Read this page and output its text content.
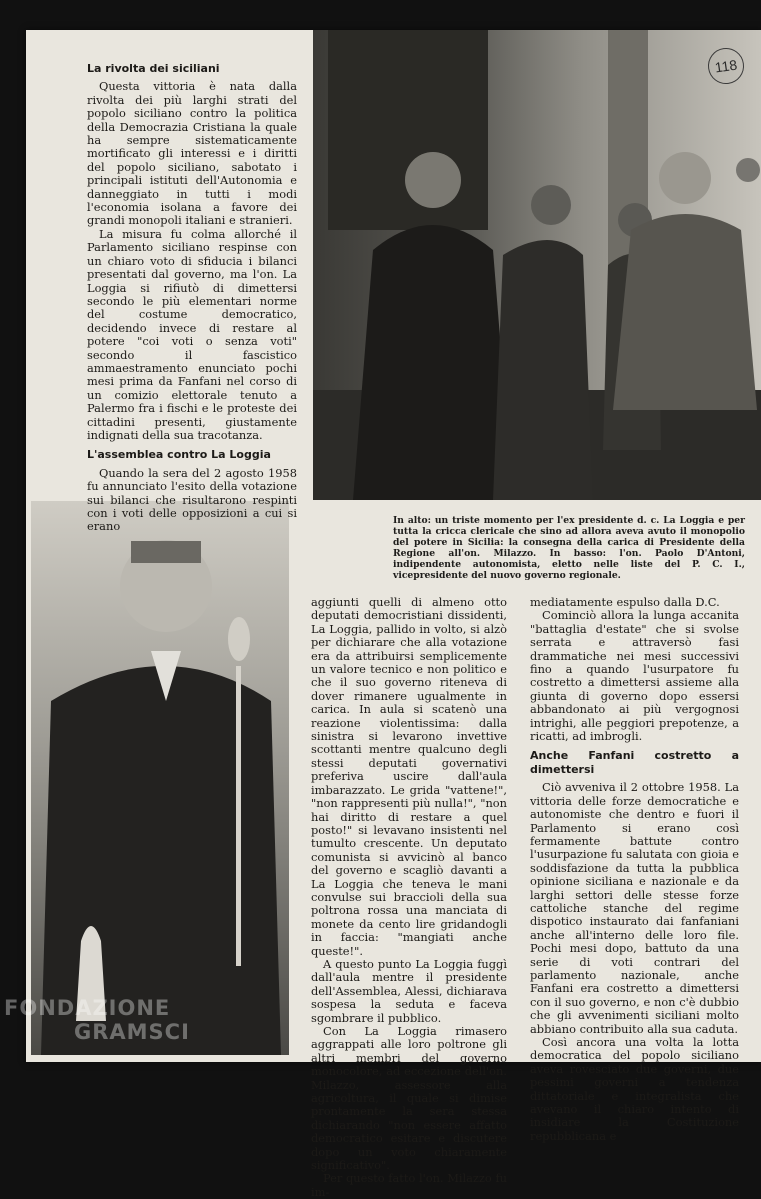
118
La rivolta dei siciliani

Questa vittoria è nata dalla rivolta dei più larghi strati del popolo siciliano contro la politica della Democrazia Cristiana la quale ha sempre sistematicamente mortificato gli interessi e i diritti del popolo siciliano, sabotato i principali istituti dell'Autonomia e danneggiato in tutti i modi l'economia isolana a favore dei grandi monopoli italiani e stranieri.

La misura fu colma allorché il Parlamento siciliano respinse con un chiaro voto di sfiducia i bilanci presentati dal governo, ma l'on. La Loggia si rifiutò di dimettersi secondo le più elementari norme del costume democratico, decidendo invece di restare al potere "coi voti o senza voti" secondo il fascistico ammaestramento enunciato pochi mesi prima da Fanfani nel corso di un comizio elettorale tenuto a Palermo fra i fischi e le proteste dei cittadini presenti, giustamente indignati della sua tracotanza.

L'assemblea contro La Loggia

Quando la sera del 2 agosto 1958 fu annunciato l'esito della votazione sui bilanci che risultarono respinti con i voti delle opposizioni a cui si erano	In alto: un triste momento per l'ex presidente d. c. La Loggia e per tutta la cricca clericale che sino ad allora aveva avuto il monopolio del potere in Sicilia: la consegna della carica di Presidente della Regione all'on. Milazzo. In basso: l'on. Paolo D'Antoni, indipendente autonomista, eletto nelle liste del P. C. I., vicepresidente del nuovo governo regionale.

aggiunti quelli di almeno otto deputati democristiani dissidenti, La Loggia, pallido in volto, si alzò per dichiarare che alla votazione era da attribuirsi semplicemente un valore tecnico e non politico e che il suo governo riteneva di dover rimanere ugualmente in carica. In aula si scatenò una reazione violentissima: dalla sinistra si levarono invettive scottanti mentre qualcuno degli stessi deputati governativi preferiva uscire dall'aula imbarazzato. Le grida "vattene!", "non rappresenti più nulla!", "non hai diritto di restare a quel posto!" si levavano insistenti nel tumulto crescente. Un deputato comunista si avvicinò al banco del governo e scagliò davanti a La Loggia che teneva le mani convulse sui braccioli della sua poltrona rossa una manciata di monete da cento lire gridandogli in faccia: "mangiati anche queste!".

A questo punto La Loggia fuggì dall'aula mentre il presidente dell'Assemblea, Alessi, dichiarava sospesa la seduta e faceva sgombrare il pubblico.

Con La Loggia rimasero aggrappati alle loro poltrone gli altri membri del governo monocolore, ad eccezione dell'on. Milazzo, assessore alla agricoltura, il quale si dimise prontamente la sera stessa dichiarando "non essere affatto democratico esitare e discutere dopo un voto chiaramente significativo".

Per questo fatto l'on. Milazzo fu im-

mediatamente espulso dalla D.C.

Cominciò allora la lunga accanita "battaglia d'estate" che si svolse serrata e attraversò fasi drammatiche nei mesi successivi fino a quando l'usurpatore fu costretto a dimettersi assieme alla giunta di governo dopo essersi abbandonato ai più vergognosi intrighi, alle peggiori prepotenze, a ricatti, ad imbrogli.

Anche Fanfani costretto a dimettersi

Ciò avveniva il 2 ottobre 1958. La vittoria delle forze democratiche e autonomiste che dentro e fuori il Parlamento si erano così fermamente battute contro l'usurpazione fu salutata con gioia e soddisfazione da tutta la pubblica opinione siciliana e nazionale e da larghi settori delle stesse forze cattoliche stanche del regime dispotico instaurato dai fanfaniani anche all'interno delle loro file. Pochi mesi dopo, battuto da una serie di voti contrari del parlamento nazionale, anche Fanfani era costretto a dimettersi con il suo governo, e non c'è dubbio che gli avvenimenti siciliani molto abbiano contribuito alla sua caduta.

Così ancora una volta la lotta democratica del popolo siciliano aveva rovesciato due governi, due pessimi governi a tendenza dittatoriale e integralista che avevano il chiaro intento di insidiare la Costituzione repubblicana e

FONDAZIONE
GRAMSCI
